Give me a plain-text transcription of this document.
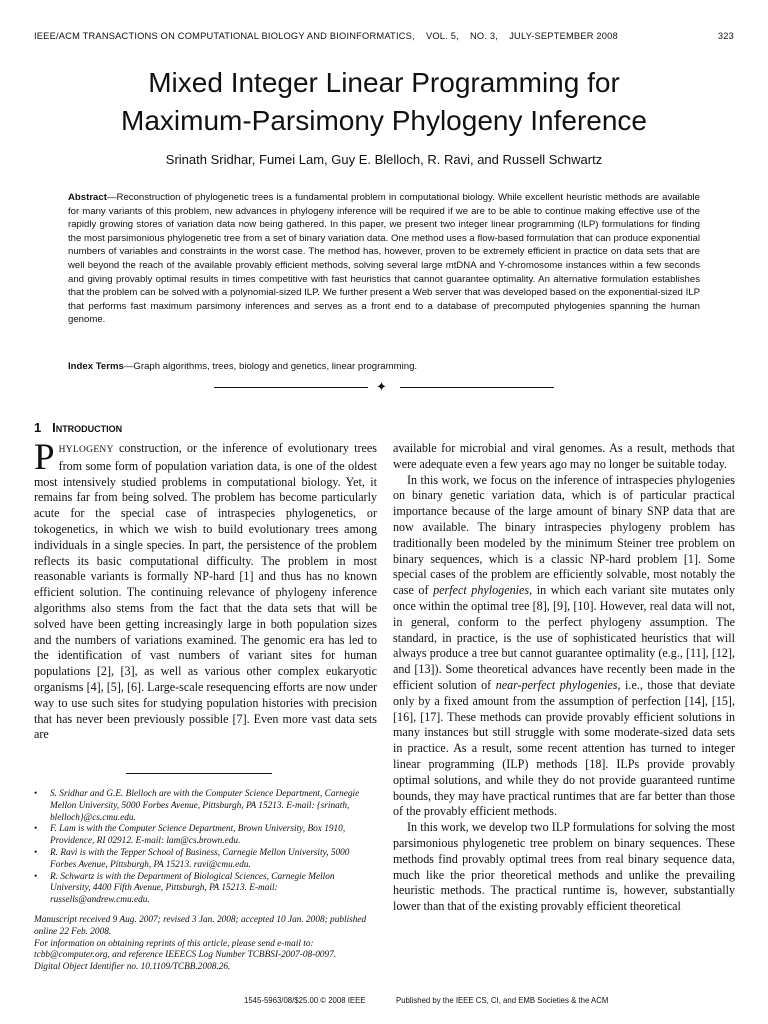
IEEE/ACM TRANSACTIONS ON COMPUTATIONAL BIOLOGY AND BIOINFORMATICS,    VOL. 5,    NO. 3,    JULY-SEPTEMBER 2008	323
Mixed Integer Linear Programming for
Maximum-Parsimony Phylogeny Inference
Srinath Sridhar, Fumei Lam, Guy E. Blelloch, R. Ravi, and Russell Schwartz
Abstract—Reconstruction of phylogenetic trees is a fundamental problem in computational biology. While excellent heuristic methods are available for many variants of this problem, new advances in phylogeny inference will be required if we are to be able to continue making effective use of the rapidly growing stores of variation data now being gathered. In this paper, we present two integer linear programming (ILP) formulations for finding the most parsimonious phylogenetic tree from a set of binary variation data. One method uses a flow-based formulation that can produce exponential numbers of variables and constraints in the worst case. The method has, however, proven to be extremely efficient in practice on data sets that are well beyond the reach of the available provably efficient methods, solving several large mtDNA and Y-chromosome instances within a few seconds and giving provably optimal results in times competitive with fast heuristics that cannot guarantee optimality. An alternative formulation establishes that the problem can be solved with a polynomial-sized ILP. We further present a Web server that was developed based on the exponential-sized ILP that performs fast maximum parsimony inferences and serves as a front end to a database of precomputed phylogenies spanning the human genome.
Index Terms—Graph algorithms, trees, biology and genetics, linear programming.
✦
1 Introduction

PHYLOGENY construction, or the inference of evolutionary trees from some form of population variation data, is one of the oldest most intensively studied problems in computational biology. Yet, it remains far from being solved. The problem has become particularly acute for the special case of intraspecies phylogenetics, or tokogenetics, in which we wish to build evolutionary trees among individuals in a single species. In part, the persistence of the problem reflects its basic computational difficulty. The problem in most reasonable variants is formally NP-hard [1] and thus has no known efficient solution. The continuing relevance of phylogeny inference algorithms also stems from the fact that the data sets that will be solved have been getting increasingly large in both population sizes and the numbers of variations examined. The genomic era has led to the identification of vast numbers of variant sites for human populations [2], [3], as well as various other complex eukaryotic organisms [4], [5], [6]. Large-scale resequencing efforts are now under way to use such sites for studying population histories with precision that has never been previously possible [7]. Even more vast data sets are

available for microbial and viral genomes. As a result, methods that were adequate even a few years ago may no longer be suitable today.

In this work, we focus on the inference of intraspecies phylogenies on binary genetic variation data, which is of particular practical importance because of the large amount of binary SNP data that are now available. The binary intraspecies phylogeny problem has traditionally been modeled by the minimum Steiner tree problem on binary sequences, which is a classic NP-hard problem [1]. Some special cases of the problem are efficiently solvable, most notably the case of perfect phylogenies, in which each variant site mutates only once within the optimal tree [8], [9], [10]. However, real data will not, in general, conform to the perfect phylogeny assumption. The standard, in practice, is the use of sophisticated heuristics that will always produce a tree but cannot guarantee optimality (e.g., [11], [12], and [13]). Some theoretical advances have recently been made in the efficient solution of near-perfect phylogenies, i.e., those that deviate only by a fixed amount from the assumption of perfection [14], [15], [16], [17]. These methods can provide provably efficient solutions in many instances but still struggle with some moderate-sized data sets in practice. As a result, some recent attention has turned to integer linear programming (ILP) methods [18]. ILPs provide provably optimal solutions, and while they do not provide guaranteed runtime bounds, they may have practical runtimes that are far better than those of the provably efficient methods.

In this work, we develop two ILP formulations for solving the most parsimonious phylogenetic tree problem on binary sequences. These methods find provably optimal trees from real binary sequence data, much like the prior theoretical methods and unlike the prevailing heuristic methods. The practical runtime is, however, substantially lower than that of the existing provably efficient theoretical

• S. Sridhar and G.E. Blelloch are with the Computer Science Department, Carnegie Mellon University, 5000 Forbes Avenue, Pittsburgh, PA 15213. E-mail: {srinath, blelloch}@cs.cmu.edu.

• F. Lam is with the Computer Science Department, Brown University, Box 1910, Providence, RI 02912. E-mail: lam@cs.brown.edu.

• R. Ravi is with the Tepper School of Business, Carnegie Mellon University, 5000 Forbes Avenue, Pittsburgh, PA 15213. ravi@cmu.edu.

• R. Schwartz is with the Department of Biological Sciences, Carnegie Mellon University, 4400 Fifth Avenue, Pittsburgh, PA 15213. E-mail: russells@andrew.cmu.edu.

Manuscript received 9 Aug. 2007; revised 3 Jan. 2008; accepted 10 Jan. 2008; published online 22 Feb. 2008.
For information on obtaining reprints of this article, please send e-mail to: tcbb@computer.org, and reference IEEECS Log Number TCBBSI-2007-08-0097.
Digital Object Identifier no. 10.1109/TCBB.2008.26.
1545-5963/08/$25.00 © 2008 IEEE	Published by the IEEE CS, CI, and EMB Societies & the ACM
